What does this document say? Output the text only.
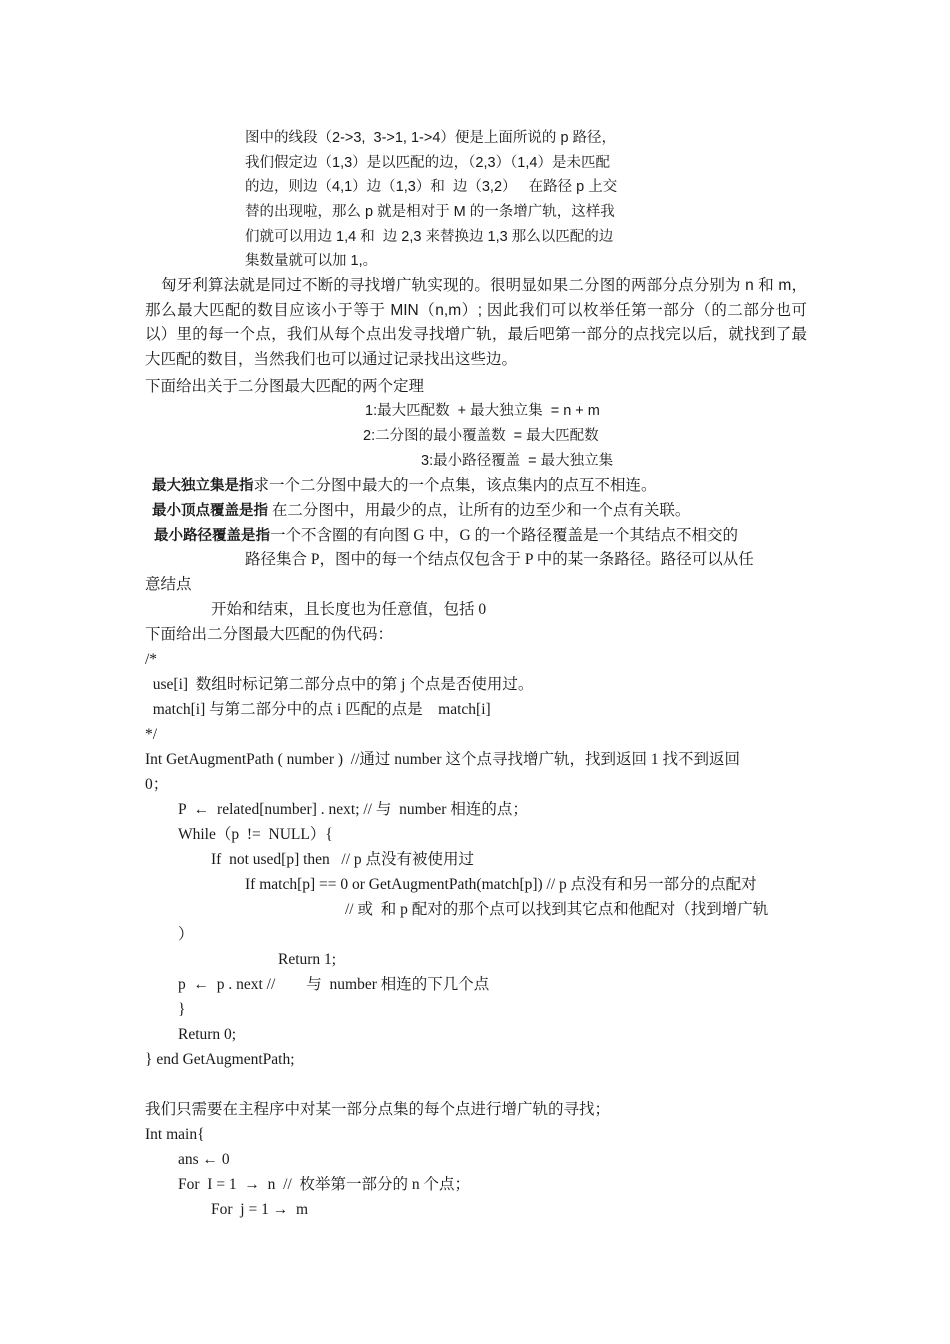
图中的线段（2->3,  3->1, 1->4）便是上面所说的 p 路径，
我们假定边（1,3）是以匹配的边，（2,3）（1,4）是未匹配
的边，则边（4,1）边（1,3）和  边（3,2）   在路径 p 上交
替的出现啦，那么 p 就是相对于 M 的一条增广轨，这样我
们就可以用边 1,4 和  边 2,3 来替换边 1,3 那么以匹配的边
集数量就可以加 1,。
匈牙利算法就是同过不断的寻找增广轨实现的。很明显如果二分图的两部分点分别为 n 和 m，那么最大匹配的数目应该小于等于 MIN（n,m）; 因此我们可以枚举任第一部分（的二部分也可以）里的每一个点，我们从每个点出发寻找增广轨，最后吧第一部分的点找完以后，就找到了最大匹配的数目，当然我们也可以通过记录找出这些边。
下面给出关于二分图最大匹配的两个定理
1:最大匹配数  + 最大独立集  = n + m
2:二分图的最小覆盖数  = 最大匹配数
3:最小路径覆盖  = 最大独立集
最大独立集是指求一个二分图中最大的一个点集，该点集内的点互不相连。
最小顶点覆盖是指 在二分图中，用最少的点，让所有的边至少和一个点有关联。
最小路径覆盖是指一个不含圈的有向图 G 中，G 的一个路径覆盖是一个其结点不相交的
路径集合 P，图中的每一个结点仅包含于 P 中的某一条路径。路径可以从任
意结点
开始和结束，且长度也为任意值，包括 0
下面给出二分图最大匹配的伪代码：
/*
use[i]  数组时标记第二部分点中的第 j 个点是否使用过。
match[i] 与第二部分中的点 i 匹配的点是    match[i]
*/
Int GetAugmentPath ( number )  //通过 number 这个点寻找增广轨，找到返回 1 找不到返回
0；
P  ←  related[number] . next; // 与  number 相连的点；
While（p  !=  NULL）{
If  not used[p] then   // p 点没有被使用过
If match[p] == 0 or GetAugmentPath(match[p]) // p 点没有和另一部分的点配对
// 或  和 p 配对的那个点可以找到其它点和他配对（找到增广轨
）
Return 1;
p  ←  p . next //        与  number 相连的下几个点
}
Return 0;
} end GetAugmentPath;
我们只需要在主程序中对某一部分点集的每个点进行增广轨的寻找；
Int main{
ans ← 0
For  I = 1  →  n  //  枚举第一部分的 n 个点；
For  j = 1 →  m
